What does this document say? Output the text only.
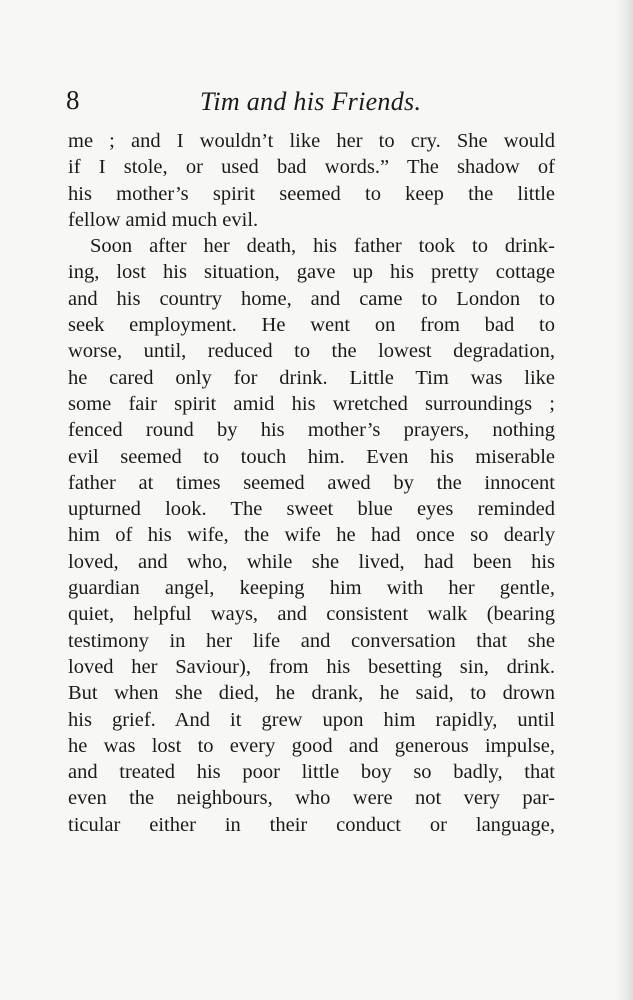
8	Tim and his Friends.
me ; and I wouldn’t like her to cry. She would
if I stole, or used bad words.” The shadow of
his mother’s spirit seemed to keep the little
fellow amid much evil.
Soon after her death, his father took to drink-
ing, lost his situation, gave up his pretty cottage
and his country home, and came to London to
seek employment. He went on from bad to
worse, until, reduced to the lowest degradation,
he cared only for drink. Little Tim was like
some fair spirit amid his wretched surroundings ;
fenced round by his mother’s prayers, nothing
evil seemed to touch him. Even his miserable
father at times seemed awed by the innocent
upturned look. The sweet blue eyes reminded
him of his wife, the wife he had once so dearly
loved, and who, while she lived, had been his
guardian angel, keeping him with her gentle,
quiet, helpful ways, and consistent walk (bearing
testimony in her life and conversation that she
loved her Saviour), from his besetting sin, drink.
But when she died, he drank, he said, to drown
his grief. And it grew upon him rapidly, until
he was lost to every good and generous impulse,
and treated his poor little boy so badly, that
even the neighbours, who were not very par-
ticular either in their conduct or language,
